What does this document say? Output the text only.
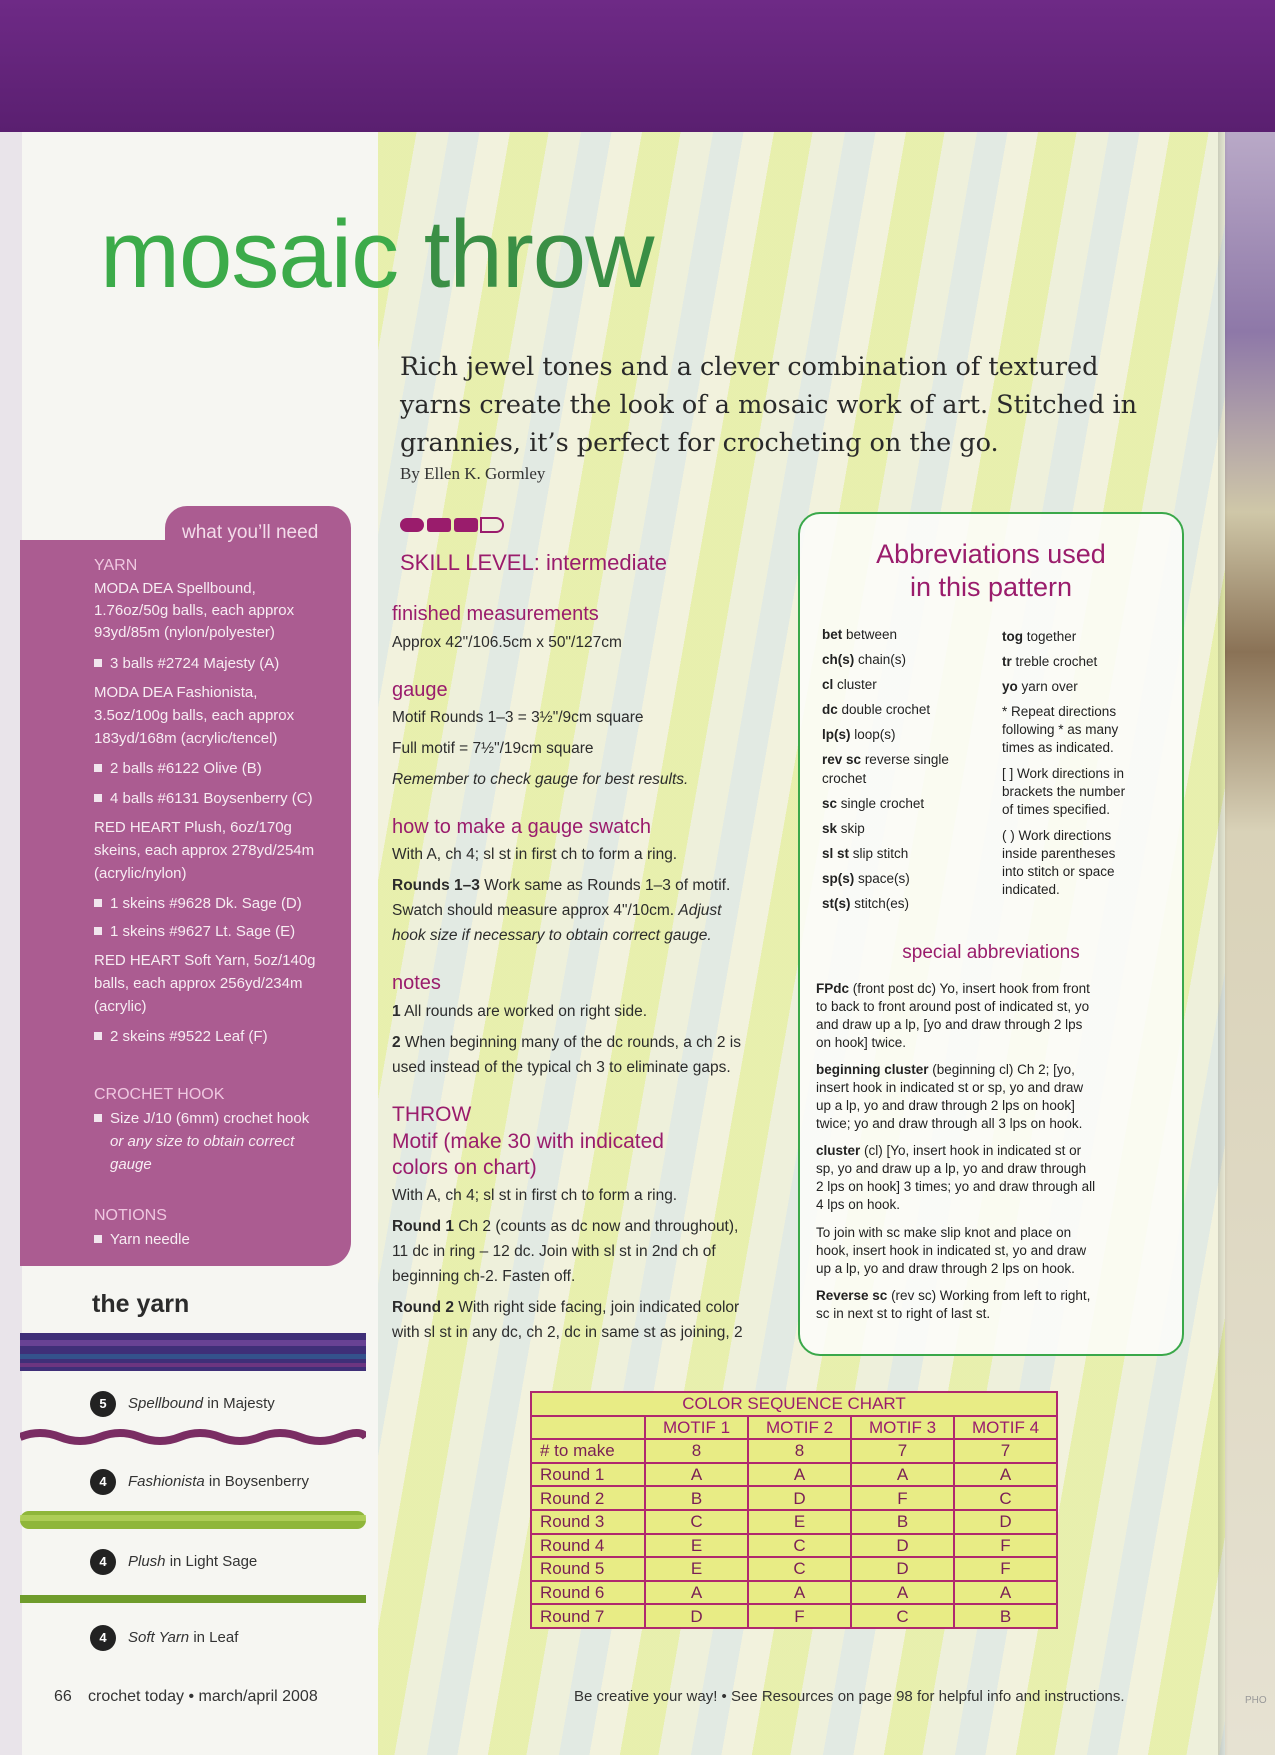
mosaic throw

Rich jewel tones and a clever combination of textured yarns create the look of a mosaic work of art. Stitched in grannies, it’s perfect for crocheting on the go.

By Ellen K. Gormley

what you’ll need

YARN

MODA DEA Spellbound,

1.76oz/50g balls, each approx

93yd/85m (nylon/polyester)

3 balls #2724 Majesty (A)

MODA DEA Fashionista,

3.5oz/100g balls, each approx

183yd/168m (acrylic/tencel)

2 balls #6122 Olive (B)

4 balls #6131 Boysenberry (C)

RED HEART Plush, 6oz/170g

skeins, each approx 278yd/254m

(acrylic/nylon)

1 skeins #9628 Dk. Sage (D)

1 skeins #9627 Lt. Sage (E)

RED HEART Soft Yarn, 5oz/140g

balls, each approx 256yd/234m

(acrylic)

2 skeins #9522 Leaf (F)

CROCHET HOOK

Size J/10 (6mm) crochet hook

or any size to obtain correct

gauge

NOTIONS

Yarn needle

the yarn
5 Spellbound in Majesty
4 Fashionista in Boysenberry
4 Plush in Light Sage
4 Soft Yarn in Leaf

SKILL LEVEL: intermediate

finished measurements

Approx 42"/106.5cm x 50"/127cm

gauge

Motif Rounds 1–3 = 3½"/9cm square

Full motif = 7½"/19cm square

Remember to check gauge for best results.

how to make a gauge swatch

With A, ch 4; sl st in first ch to form a ring.

Rounds 1–3 Work same as Rounds 1–3 of motif.

Swatch should measure approx 4"/10cm. Adjust

hook size if necessary to obtain correct gauge.

notes

1 All rounds are worked on right side.

2 When beginning many of the dc rounds, a ch 2 is

used instead of the typical ch 3 to eliminate gaps.

THROW

Motif (make 30 with indicated

colors on chart)

With A, ch 4; sl st in first ch to form a ring.

Round 1 Ch 2 (counts as dc now and throughout),

11 dc in ring – 12 dc. Join with sl st in 2nd ch of

beginning ch-2. Fasten off.

Round 2 With right side facing, join indicated color

with sl st in any dc, ch 2, dc in same st as joining, 2

Abbreviations used
in this pattern

bet between

ch(s) chain(s)

cl cluster

dc double crochet

lp(s) loop(s)

rev sc reverse single

crochet

sc single crochet

sk skip

sl st slip stitch

sp(s) space(s)

st(s) stitch(es)

tog together

tr treble crochet

yo yarn over

* Repeat directions

following * as many

times as indicated.

[ ] Work directions in

brackets the number

of times specified.

( ) Work directions

inside parentheses

into stitch or space

indicated.

special abbreviations

FPdc (front post dc) Yo, insert hook from front
to back to front around post of indicated st, yo
and draw up a lp, [yo and draw through 2 lps
on hook] twice.

beginning cluster (beginning cl) Ch 2; [yo,
insert hook in indicated st or sp, yo and draw
up a lp, yo and draw through 2 lps on hook]
twice; yo and draw through all 3 lps on hook.

cluster (cl) [Yo, insert hook in indicated st or
sp, yo and draw up a lp, yo and draw through
2 lps on hook] 3 times; yo and draw through all
4 lps on hook.

To join with sc make slip knot and place on
hook, insert hook in indicated st, yo and draw
up a lp, yo and draw through 2 lps on hook.

Reverse sc (rev sc) Working from left to right,
sc in next st to right of last st.

COLOR SEQUENCE CHART				
	MOTIF 1	MOTIF 2	MOTIF 3	MOTIF 4
# to make	8	8	7	7
Round 1	A	A	A	A
Round 2	B	D	F	C
Round 3	C	E	B	D
Round 4	E	C	D	F
Round 5	E	C	D	F
Round 6	A	A	A	A
Round 7	D	F	C	B

66 crochet today • march/april 2008	Be creative your way! • See Resources on page 98 for helpful info and instructions.	PHO
